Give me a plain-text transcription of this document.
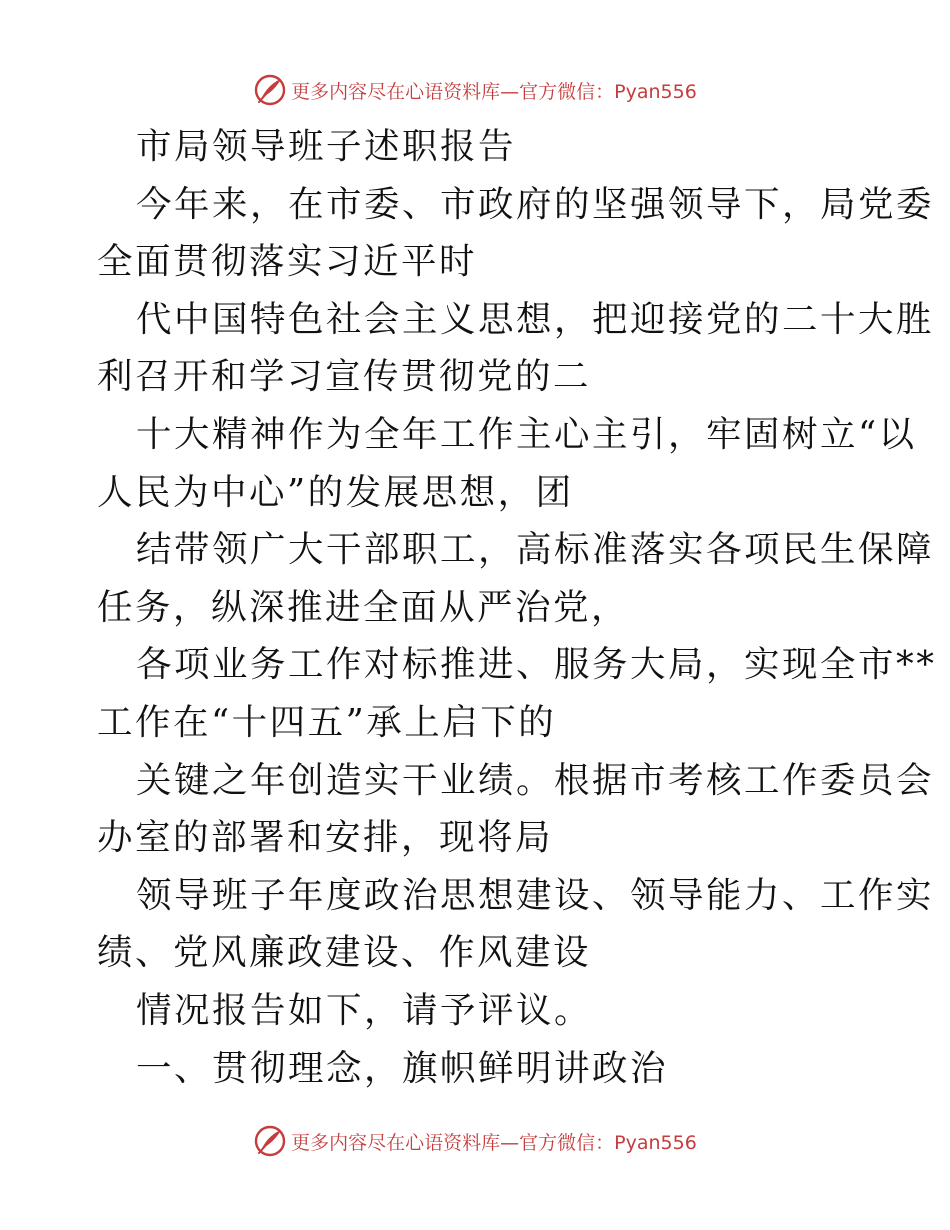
更多内容尽在心语资料库—官方微信：Pyan556
市局领导班子述职报告
今年来，在市委、市政府的坚强领导下，局党委
全面贯彻落实习近平时
代中国特色社会主义思想，把迎接党的二十大胜
利召开和学习宣传贯彻党的二
十大精神作为全年工作主心主引，牢固树立“以
人民为中心”的发展思想，团
结带领广大干部职工，高标准落实各项民生保障
任务，纵深推进全面从严治党，
各项业务工作对标推进、服务大局，实现全市**
工作在“十四五”承上启下的
关键之年创造实干业绩。根据市考核工作委员会
办室的部署和安排，现将局
领导班子年度政治思想建设、领导能力、工作实
绩、党风廉政建设、作风建设
情况报告如下，请予评议。
一、贯彻理念，旗帜鲜明讲政治
更多内容尽在心语资料库—官方微信：Pyan556
